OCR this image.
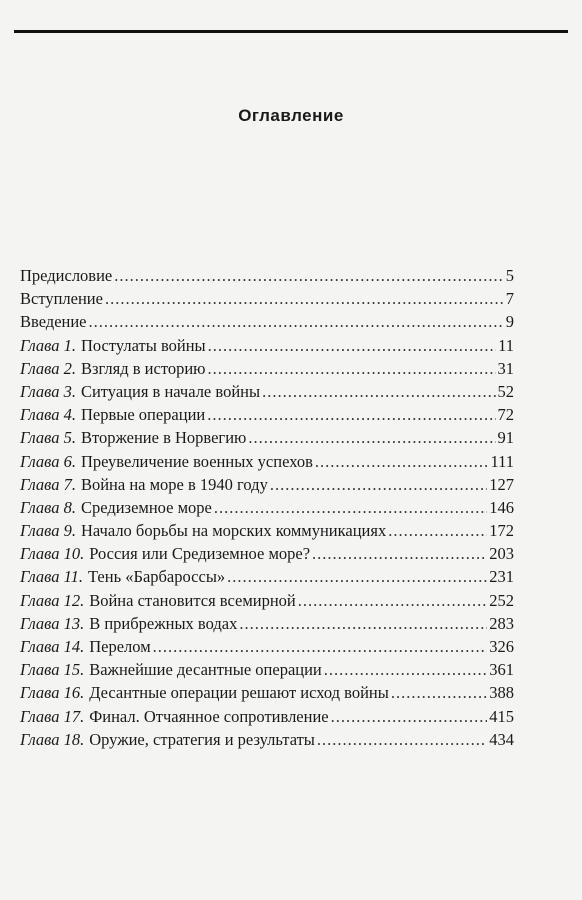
Оглавление
Предисловие .....	5
Вступление .....	7
Введение .....	9
Глава 1. Постулаты войны .....	11
Глава 2. Взгляд в историю .....	31
Глава 3. Ситуация в начале войны .....	52
Глава 4. Первые операции .....	72
Глава 5. Вторжение в Норвегию .....	91
Глава 6. Преувеличение военных успехов .....	111
Глава 7. Война на море в 1940 году .....	127
Глава 8. Средиземное море .....	146
Глава 9. Начало борьбы на морских коммуникациях .....	172
Глава 10. Россия или Средиземное море? .....	203
Глава 11. Тень «Барбароссы» .....	231
Глава 12. Война становится всемирной .....	252
Глава 13. В прибрежных водах .....	283
Глава 14. Перелом .....	326
Глава 15. Важнейшие десантные операции .....	361
Глава 16. Десантные операции решают исход войны .....	388
Глава 17. Финал. Отчаянное сопротивление .....	415
Глава 18. Оружие, стратегия и результаты .....	434
